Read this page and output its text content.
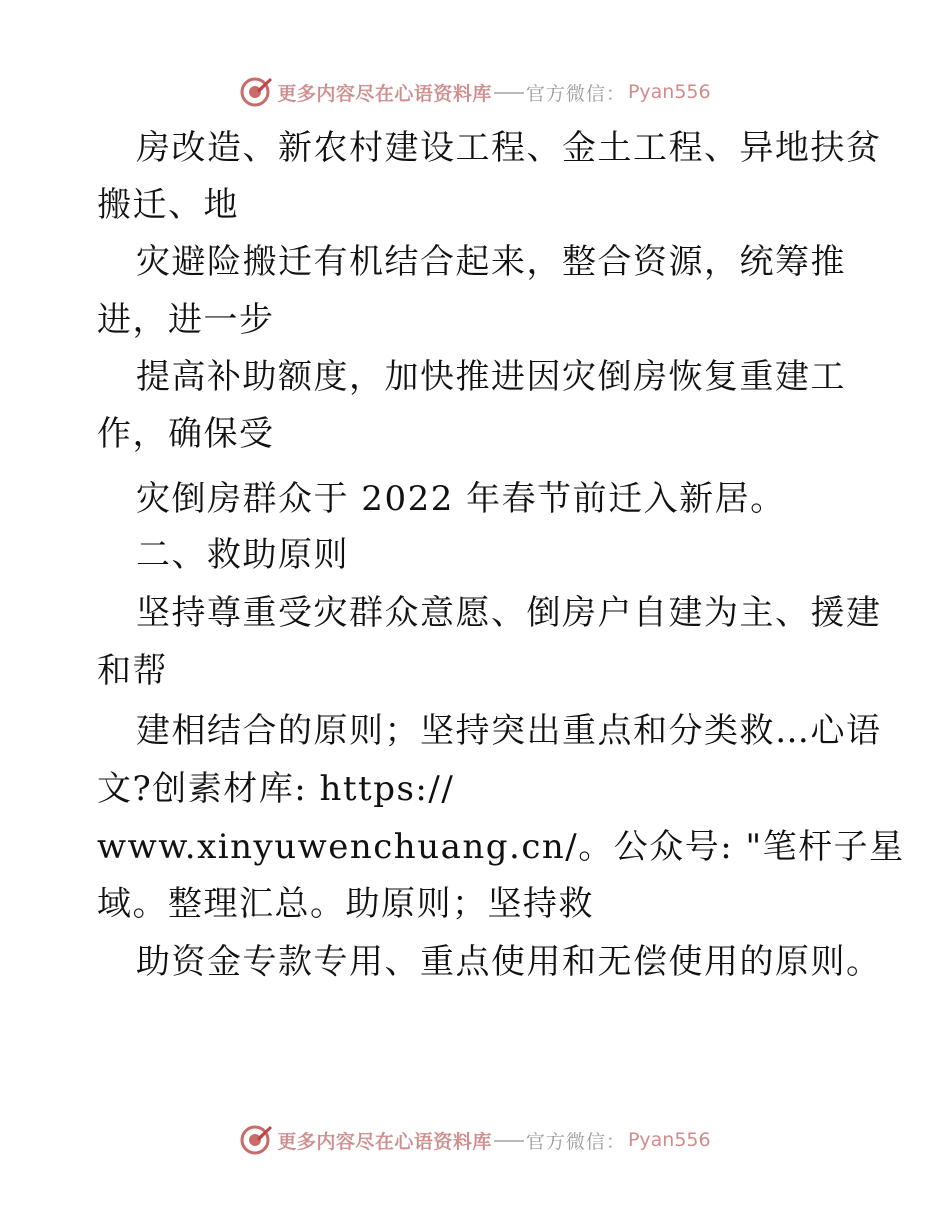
更多内容尽在心语资料库 官方微信： Pyan556
房改造、新农村建设工程、金土工程、异地扶贫
搬迁、地
灾避险搬迁有机结合起来，整合资源，统筹推
进，进一步
提高补助额度，加快推进因灾倒房恢复重建工
作，确保受
灾倒房群众于 2022 年春节前迁入新居。
二、救助原则
坚持尊重受灾群众意愿、倒房户自建为主、援建
和帮
建相结合的原则；坚持突出重点和分类救…心语
文?创素材库: https://
www.xinyuwenchuang.cn/。公众号: "笔杆子星
域。整理汇总。助原则；坚持救
助资金专款专用、重点使用和无偿使用的原则。
更多内容尽在心语资料库 官方微信： Pyan556
